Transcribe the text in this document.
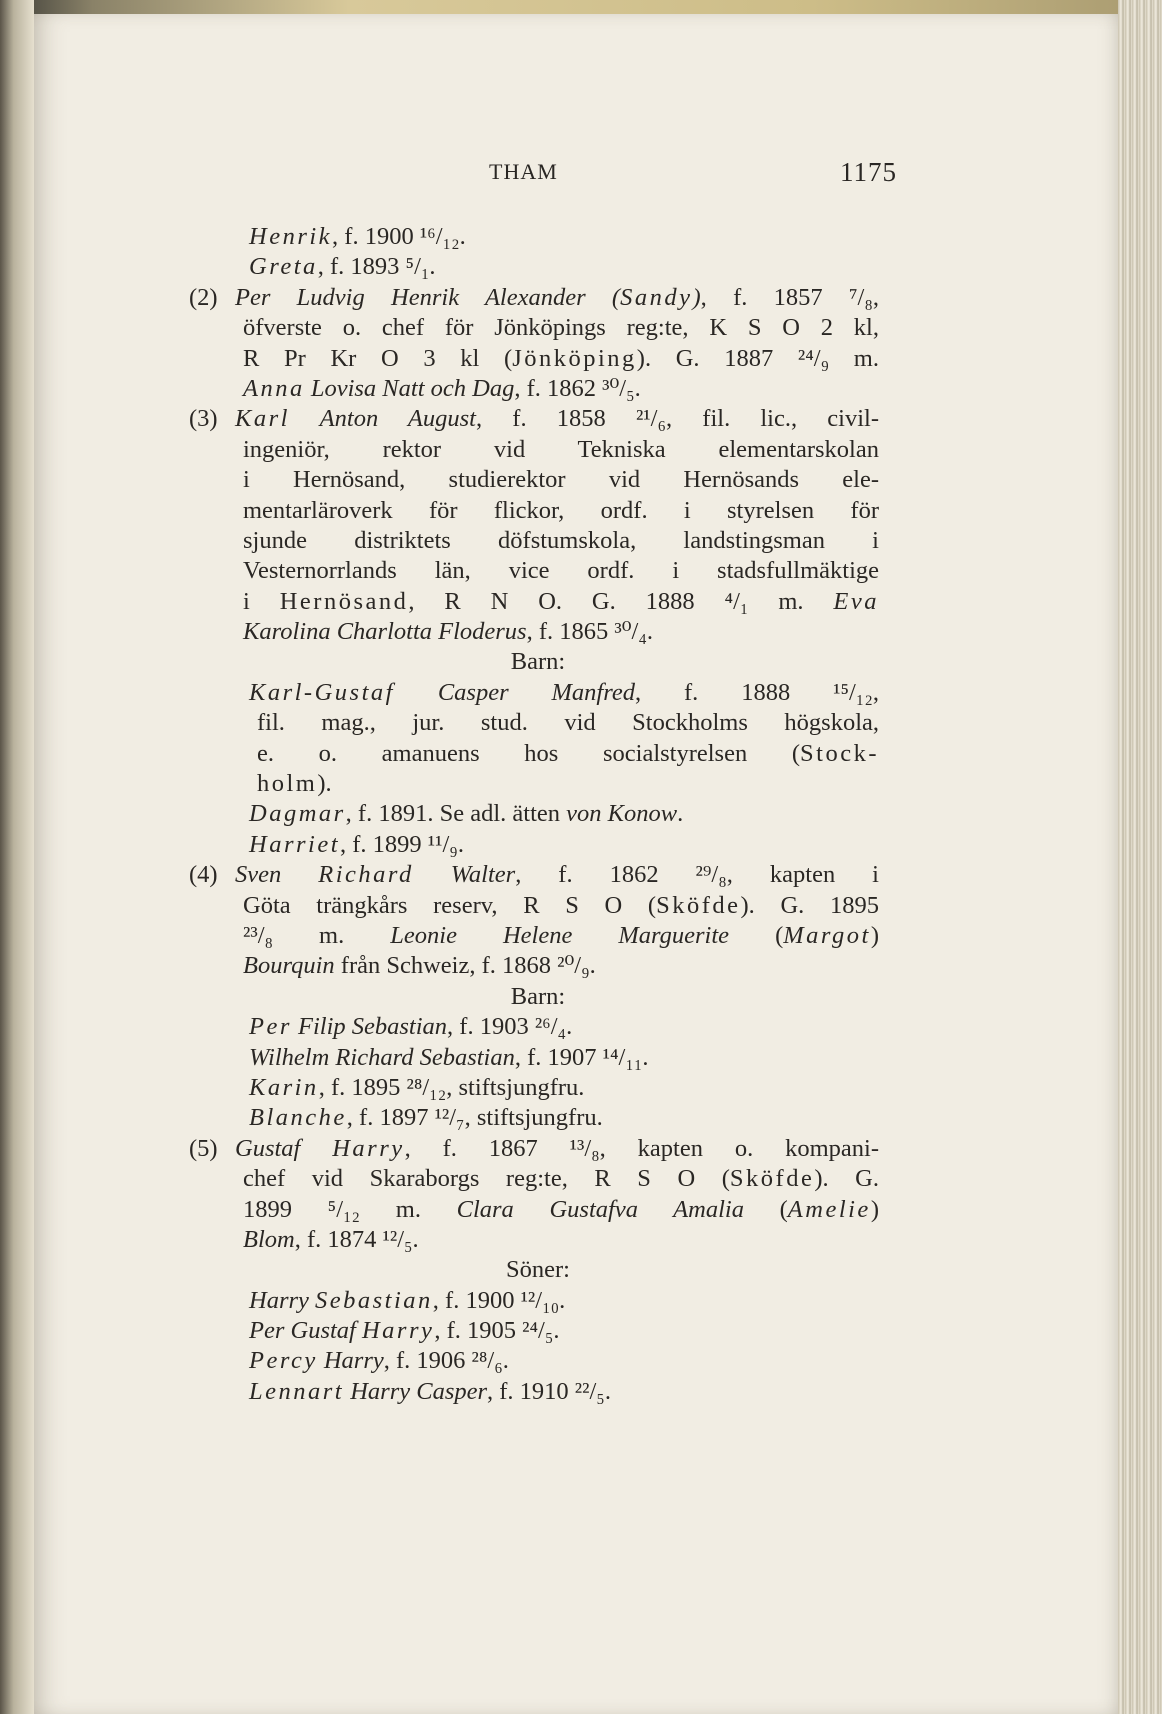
THAM	1175
Henrik, f. 1900 ¹⁶/₁₂.
Greta, f. 1893 ⁵/₁.
(2)Per Ludvig Henrik Alexander (Sandy), f. 1857 ⁷/₈,
öfverste o. chef för Jönköpings reg:te, K S O 2 kl,
R Pr Kr O 3 kl (Jönköping). G. 1887 ²⁴/₉ m.
Anna Lovisa Natt och Dag, f. 1862 ³⁰/₅.
(3)Karl Anton August, f. 1858 ²¹/₆, fil. lic., civil-
ingeniör, rektor vid Tekniska elementarskolan
i Hernösand, studierektor vid Hernösands ele-
mentarläroverk för flickor, ordf. i styrelsen för
sjunde distriktets döfstumskola, landstingsman i
Vesternorrlands län, vice ordf. i stadsfullmäktige
i Hernösand, R N O. G. 1888 ⁴/₁ m. Eva
Karolina Charlotta Floderus, f. 1865 ³⁰/₄.
Barn:
Karl-Gustaf Casper Manfred, f. 1888 ¹⁵/₁₂,
fil. mag., jur. stud. vid Stockholms högskola,
e. o. amanuens hos socialstyrelsen (Stock-
holm).
Dagmar, f. 1891. Se adl. ätten von Konow.
Harriet, f. 1899 ¹¹/₉.
(4)Sven Richard Walter, f. 1862 ²⁹/₈, kapten i
Göta trängkårs reserv, R S O (Sköfde). G. 1895
²³/₈ m. Leonie Helene Marguerite (Margot)
Bourquin från Schweiz, f. 1868 ²⁰/₉.
Barn:
Per Filip Sebastian, f. 1903 ²⁶/₄.
Wilhelm Richard Sebastian, f. 1907 ¹⁴/₁₁.
Karin, f. 1895 ²⁸/₁₂, stiftsjungfru.
Blanche, f. 1897 ¹²/₇, stiftsjungfru.
(5)Gustaf Harry, f. 1867 ¹³/₈, kapten o. kompani-
chef vid Skaraborgs reg:te, R S O (Sköfde). G.
1899 ⁵/₁₂ m. Clara Gustafva Amalia (Amelie)
Blom, f. 1874 ¹²/₅.
Söner:
Harry Sebastian, f. 1900 ¹²/₁₀.
Per Gustaf Harry, f. 1905 ²⁴/₅.
Percy Harry, f. 1906 ²⁸/₆.
Lennart Harry Casper, f. 1910 ²²/₅.
